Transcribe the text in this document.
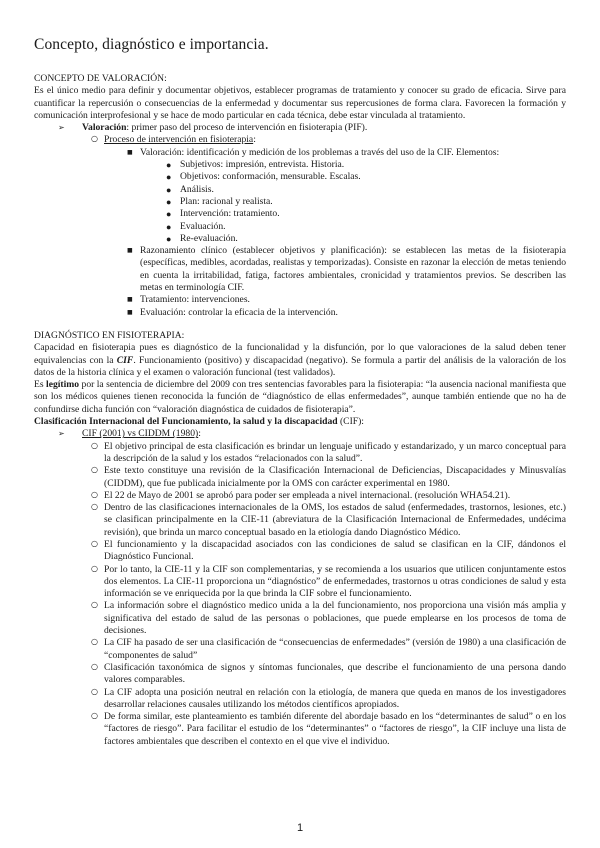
Concepto, diagnóstico e importancia.

CONCEPTO DE VALORACIÓN:

Es el único medio para definir y documentar objetivos, establecer programas de tratamiento y conocer su grado de eficacia. Sirve para cuantificar la repercusión o consecuencias de la enfermedad y documentar sus repercusiones de forma clara. Favorecen la formación y comunicación interprofesional y se hace de modo particular en cada técnica, debe estar vinculada al tratamiento.

➢ Valoración: primer paso del proceso de intervención en fisioterapia (PIF).

○ Proceso de intervención en fisioterapia:

■ Valoración: identificación y medición de los problemas a través del uso de la CIF. Elementos:

● Subjetivos: impresión, entrevista. Historia.

● Objetivos: conformación, mensurable. Escalas.

● Análisis.

● Plan: racional y realista.

● Intervención: tratamiento.

● Evaluación.

● Re-evaluación.

■ Razonamiento clínico (establecer objetivos y planificación): se establecen las metas de la fisioterapia (específicas, medibles, acordadas, realistas y temporizadas). Consiste en razonar la elección de metas teniendo en cuenta la irritabilidad, fatiga, factores ambientales, cronicidad y tratamientos previos. Se describen las metas en terminología CIF.

■ Tratamiento: intervenciones.

■ Evaluación: controlar la eficacia de la intervención.

DIAGNÓSTICO EN FISIOTERAPIA:

Capacidad en fisioterapia pues es diagnóstico de la funcionalidad y la disfunción, por lo que valoraciones de la salud deben tener equivalencias con la CIF. Funcionamiento (positivo) y discapacidad (negativo). Se formula a partir del análisis de la valoración de los datos de la historia clínica y el examen o valoración funcional (test validados).

Es legítimo por la sentencia de diciembre del 2009 con tres sentencias favorables para la fisioterapia: “la ausencia nacional manifiesta que son los médicos quienes tienen reconocida la función de “diagnóstico de ellas enfermedades”, aunque también entiende que no ha de confundirse dicha función con “valoración diagnóstica de cuidados de fisioterapia”.

Clasificación Internacional del Funcionamiento, la salud y la discapacidad (CIF):

➢ CIF (2001) vs CIDDM (1980):

○ El objetivo principal de esta clasificación es brindar un lenguaje unificado y estandarizado, y un marco conceptual para la descripción de la salud y los estados “relacionados con la salud”.

○ Este texto constituye una revisión de la Clasificación Internacional de Deficiencias, Discapacidades y Minusvalías (CIDDM), que fue publicada inicialmente por la OMS con carácter experimental en 1980.

○ El 22 de Mayo de 2001 se aprobó para poder ser empleada a nivel internacional. (resolución WHA54.21).

○ Dentro de las clasificaciones internacionales de la OMS, los estados de salud (enfermedades, trastornos, lesiones, etc.) se clasifican principalmente en la CIE-11 (abreviatura de la Clasificación Internacional de Enfermedades, undécima revisión), que brinda un marco conceptual basado en la etiología dando Diagnóstico Médico.

○ El funcionamiento y la discapacidad asociados con las condiciones de salud se clasifican en la CIF, dándonos el Diagnóstico Funcional.

○ Por lo tanto, la CIE-11 y la CIF son complementarias, y se recomienda a los usuarios que utilicen conjuntamente estos dos elementos. La CIE-11 proporciona un “diagnóstico” de enfermedades, trastornos u otras condiciones de salud y esta información se ve enriquecida por la que brinda la CIF sobre el funcionamiento.

○ La información sobre el diagnóstico medico unida a la del funcionamiento, nos proporciona una visión más amplia y significativa del estado de salud de las personas o poblaciones, que puede emplearse en los procesos de toma de decisiones.

○ La CIF ha pasado de ser una clasificación de “consecuencias de enfermedades” (versión de 1980) a una clasificación de “componentes de salud”

○ Clasificación taxonómica de signos y síntomas funcionales, que describe el funcionamiento de una persona dando valores comparables.

○ La CIF adopta una posición neutral en relación con la etiología, de manera que queda en manos de los investigadores desarrollar relaciones causales utilizando los métodos científicos apropiados.

○ De forma similar, este planteamiento es también diferente del abordaje basado en los “determinantes de salud” o en los “factores de riesgo”. Para facilitar el estudio de los “determinantes” o “factores de riesgo”, la CIF incluye una lista de factores ambientales que describen el contexto en el que vive el individuo.

1
